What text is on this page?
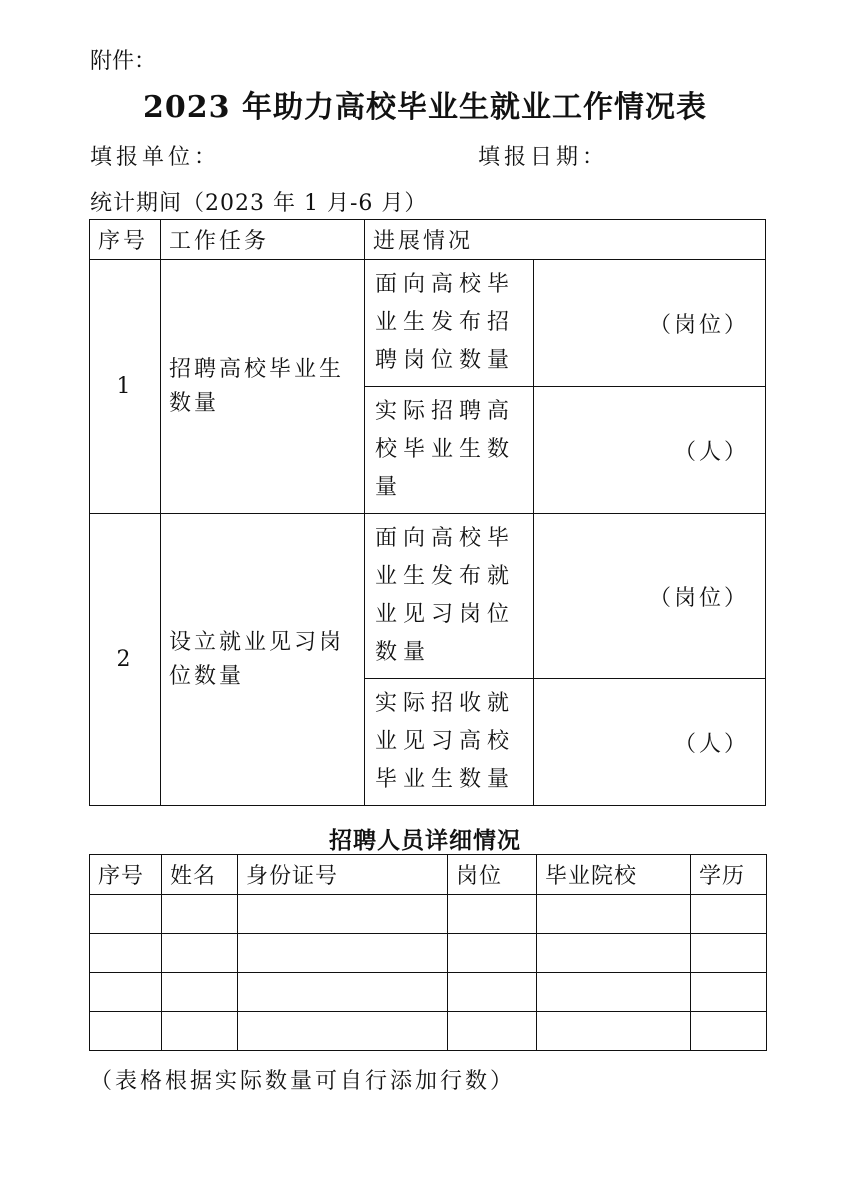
附件：
2023 年助力高校毕业生就业工作情况表
填报单位：	填报日期：
统计期间（2023 年 1 月-6 月）
序号	工作任务	进展情况	
1	招聘高校毕业生数量	面向高校毕业生发布招聘岗位数量	（岗位）
		实际招聘高校毕业生数量	（人）
2	设立就业见习岗位数量	面向高校毕业生发布就业见习岗位数量	（岗位）
		实际招收就业见习高校毕业生数量	（人）
招聘人员详细情况
序号	姓名	身份证号	岗位	毕业院校	学历

（表格根据实际数量可自行添加行数）
